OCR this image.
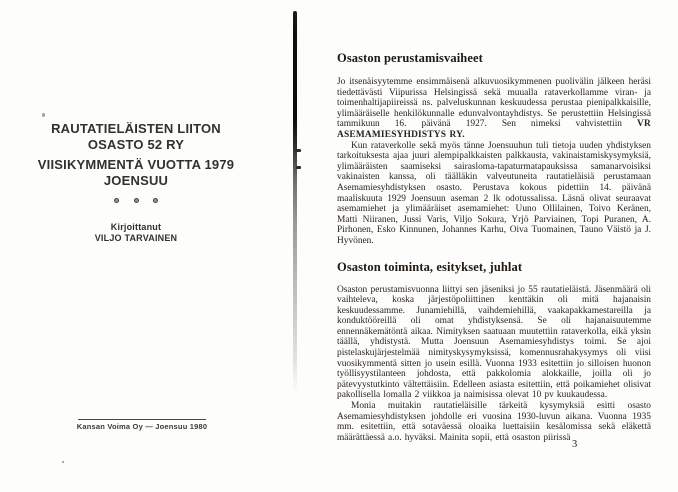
RAUTATIELÄISTEN LIITON
OSASTO 52 RY
VIISIKYMMENTÄ VUOTTA 1979
JOENSUU

Kirjoittanut
VILJO TARVAINEN
Kansan Voima Oy — Joensuu 1980
Osaston perustamisvaiheet

Jo itsenäisyytemme ensimmäisenä alkuvuosikymmenen puolivälin jälkeen heräsi tiedettävästi Viipurissa Helsingissä sekä muualla rataverkollamme viran- ja toimenhaltijapiireissä ns. palveluskunnan keskuudessa perustaa pienipalkkaisille, ylimääräiselle henkilökunnalle edunvalvontayhdistys. Se perustettiin Helsingissä tammikuun 16. päivänä 1927. Sen nimeksi vahvistettiin VR ASEMAMIESYHDISTYS RY.

Kun rataverkolle sekä myös tänne Joensuuhun tuli tietoja uuden yhdistyksen tarkoituksesta ajaa juuri alempipalkkaisten palkkausta, vakinaistamiskysymyksiä, ylimääräisten saamiseksi sairasloma-tapaturmatapauksissa samanarvoisiksi vakinaisten kanssa, oli täälläkin valveutuneita rautatieläisiä perustamaan Asemamiesyhdistyksen osasto. Perustava kokous pidettiin 14. päivänä maaliskuuta 1929 Joensuun aseman 2 lk odotussalissa. Läsnä olivat seuraavat asemamiehet ja ylimääräiset asemamiehet: Uuno Ollilainen, Toivo Keränen, Matti Niiranen, Jussi Varis, Viljo Sokura, Yrjö Parviainen, Topi Puranen, A. Pirhonen, Esko Kinnunen, Johannes Karhu, Oiva Tuomainen, Tauno Väistö ja J. Hyvönen.

Osaston toiminta, esitykset, juhlat

Osaston perustamisvuonna liittyi sen jäseniksi jo 55 rautatieläistä. Jäsenmäärä oli vaihteleva, koska järjestöpoliittinen kenttäkin oli mitä hajanaisin keskuudessamme. Junamiehillä, vaihdemiehillä, vaakapakkamestareilla ja konduktööreillä oli omat yhdistyksensä. Se oli hajanaisuutemme ennennäkemätöntä aikaa. Nimityksen saatuaan muutettiin rataverkolla, eikä yksin täällä, yhdistystä. Mutta Joensuun Asemamiesyhdistys toimi. Se ajoi pistelaskujärjestelmää nimityskysymyksissä, komennusrahakysymys oli viisi vuosikymmentä sitten jo usein esillä. Vuonna 1933 esitettiin jo silloisen huonon työllisyystilanteen johdosta, että pakkolomia alokkaille, joilla oli jo pätevyystutkinto vältettäisiin. Edelleen asiasta esitettiin, että poikamiehet olisivat pakollisella lomalla 2 viikkoa ja naimisissa olevat 10 pv kuukaudessa.

Monia muitakin rautatieläisille tärkeitä kysymyksiä esitti osasto Asemamiesyhdistyksen johdolle eri vuosina 1930-luvun aikana. Vuonna 1935 mm. esitettiin, että sotaväessä oloaika luettaisiin kesälomissa sekä eläkettä määrättäessä a.o. hyväksi. Mainita sopii, että osaston piirissä

3
